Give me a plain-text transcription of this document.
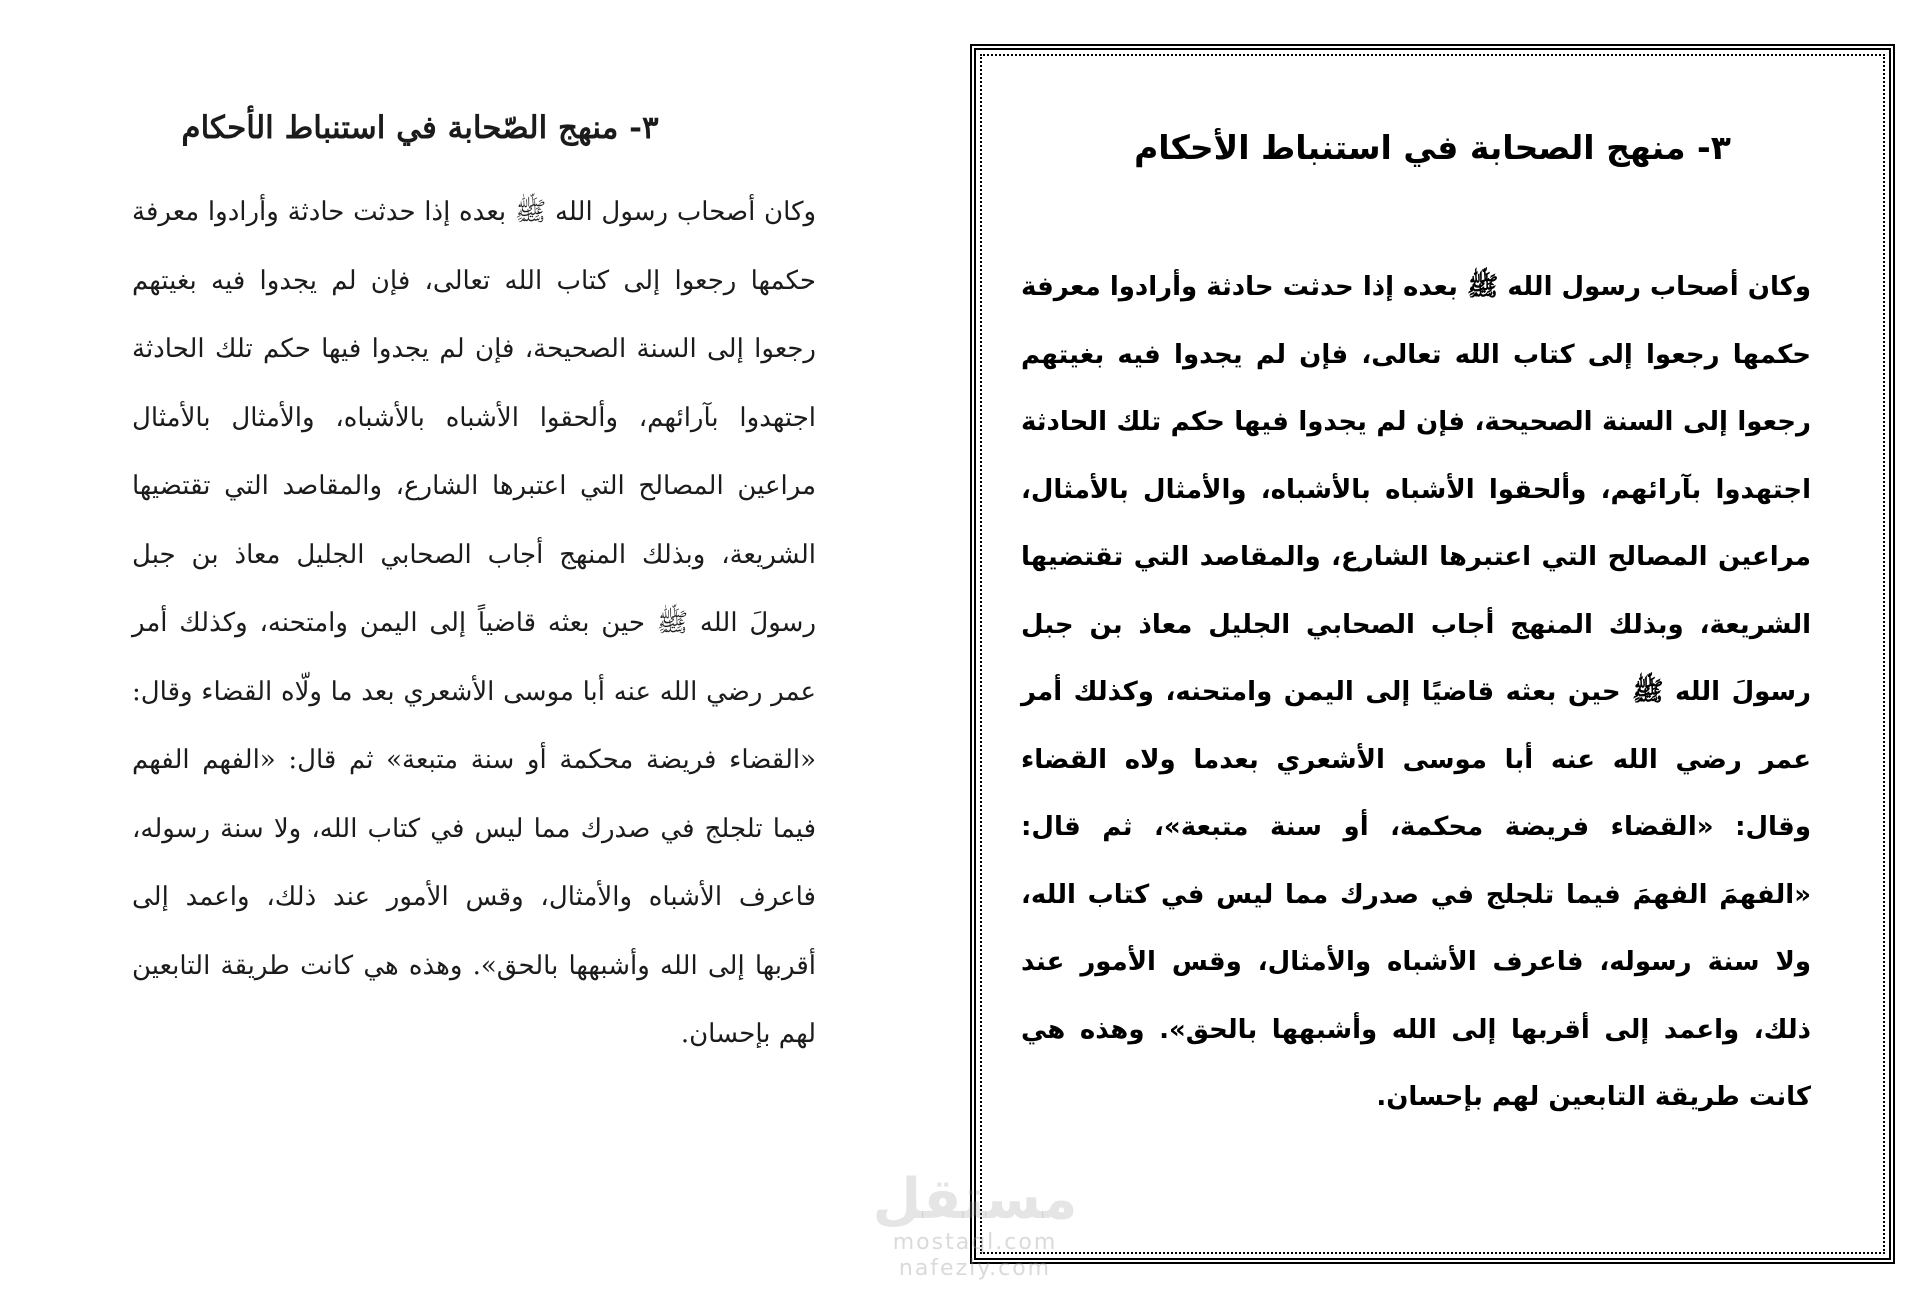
٣- منهج الصّحابة في استنباط الأحكام

وكان أصحاب رسول الله ﷺ بعده إذا حدثت حادثة وأرادوا معرفة حكمها رجعوا إلى كتاب الله تعالى، فإن لم يجدوا فيه بغيتهم رجعوا إلى السنة الصحيحة، فإن لم يجدوا فيها حكم تلك الحادثة اجتهدوا بآرائهم، وألحقوا الأشباه بالأشباه، والأمثال بالأمثال مراعين المصالح التي اعتبرها الشارع، والمقاصد التي تقتضيها الشريعة، وبذلك المنهج أجاب الصحابي الجليل معاذ بن جبل رسولَ الله ﷺ حين بعثه قاضياً إلى اليمن وامتحنه، وكذلك أمر عمر رضي الله عنه أبا موسى الأشعري بعد ما ولّاه القضاء وقال: «القضاء فريضة محكمة أو سنة متبعة» ثم قال: «الفهم الفهم فيما تلجلج في صدرك مما ليس في كتاب الله، ولا سنة رسوله، فاعرف الأشباه والأمثال، وقس الأمور عند ذلك، واعمد إلى أقربها إلى الله وأشبهها بالحق». وهذه هي كانت طريقة التابعين لهم بإحسان.

٣- منهج الصحابة في استنباط الأحكام

وكان أصحاب رسول الله ﷺ بعده إذا حدثت حادثة وأرادوا معرفة حكمها رجعوا إلى كتاب الله تعالى، فإن لم يجدوا فيه بغيتهم رجعوا إلى السنة الصحيحة، فإن لم يجدوا فيها حكم تلك الحادثة اجتهدوا بآرائهم، وألحقوا الأشباه بالأشباه، والأمثال بالأمثال، مراعين المصالح التي اعتبرها الشارع، والمقاصد التي تقتضيها الشريعة، وبذلك المنهج أجاب الصحابي الجليل معاذ بن جبل رسولَ الله ﷺ حين بعثه قاضيًا إلى اليمن وامتحنه، وكذلك أمر عمر رضي الله عنه أبا موسى الأشعري بعدما ولاه القضاء وقال: «القضاء فريضة محكمة، أو سنة متبعة»، ثم قال: «الفهمَ الفهمَ فيما تلجلج في صدرك مما ليس في كتاب الله، ولا سنة رسوله، فاعرف الأشباه والأمثال، وقس الأمور عند ذلك، واعمد إلى أقربها إلى الله وأشبهها بالحق». وهذه هي كانت طريقة التابعين لهم بإحسان.

مستقل
mostaql.com
nafezly.com
